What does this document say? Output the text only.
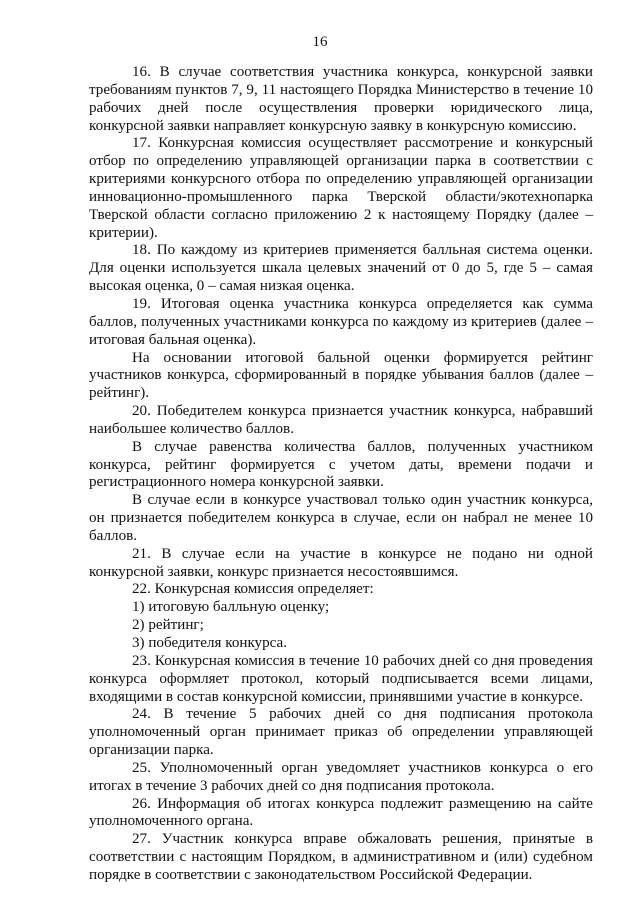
16

16. В случае соответствия участника конкурса, конкурсной заявки требованиям пунктов 7, 9, 11 настоящего Порядка Министерство в течение 10 рабочих дней после осуществления проверки юридического лица, конкурсной заявки направляет конкурсную заявку в конкурсную комиссию.

17. Конкурсная комиссия осуществляет рассмотрение и конкурсный отбор по определению управляющей организации парка в соответствии с критериями конкурсного отбора по определению управляющей организации инновационно-промышленного парка Тверской области/экотехнопарка Тверской области согласно приложению 2 к настоящему Порядку (далее – критерии).

18. По каждому из критериев применяется балльная система оценки. Для оценки используется шкала целевых значений от 0 до 5, где 5 – самая высокая оценка, 0 – самая низкая оценка.

19. Итоговая оценка участника конкурса определяется как сумма баллов, полученных участниками конкурса по каждому из критериев (далее – итоговая бальная оценка).

На основании итоговой бальной оценки формируется рейтинг участников конкурса, сформированный в порядке убывания баллов (далее – рейтинг).

20. Победителем конкурса признается участник конкурса, набравший наибольшее количество баллов.

В случае равенства количества баллов, полученных участником конкурса, рейтинг формируется с учетом даты, времени подачи и регистрационного номера конкурсной заявки.

В случае если в конкурсе участвовал только один участник конкурса, он признается победителем конкурса в случае, если он набрал не менее 10 баллов.

21. В случае если на участие в конкурсе не подано ни одной конкурсной заявки, конкурс признается несостоявшимся.

22. Конкурсная комиссия определяет:

1) итоговую балльную оценку;

2) рейтинг;

3) победителя конкурса.

23. Конкурсная комиссия в течение 10 рабочих дней со дня проведения конкурса оформляет протокол, который подписывается всеми лицами, входящими в состав конкурсной комиссии, принявшими участие в конкурсе.

24. В течение 5 рабочих дней со дня подписания протокола уполномоченный орган принимает приказ об определении управляющей организации парка.

25. Уполномоченный орган уведомляет участников конкурса о его итогах в течение 3 рабочих дней со дня подписания протокола.

26. Информация об итогах конкурса подлежит размещению на сайте уполномоченного органа.

27. Участник конкурса вправе обжаловать решения, принятые в соответствии с настоящим Порядком, в административном и (или) судебном порядке в соответствии с законодательством Российской Федерации.
